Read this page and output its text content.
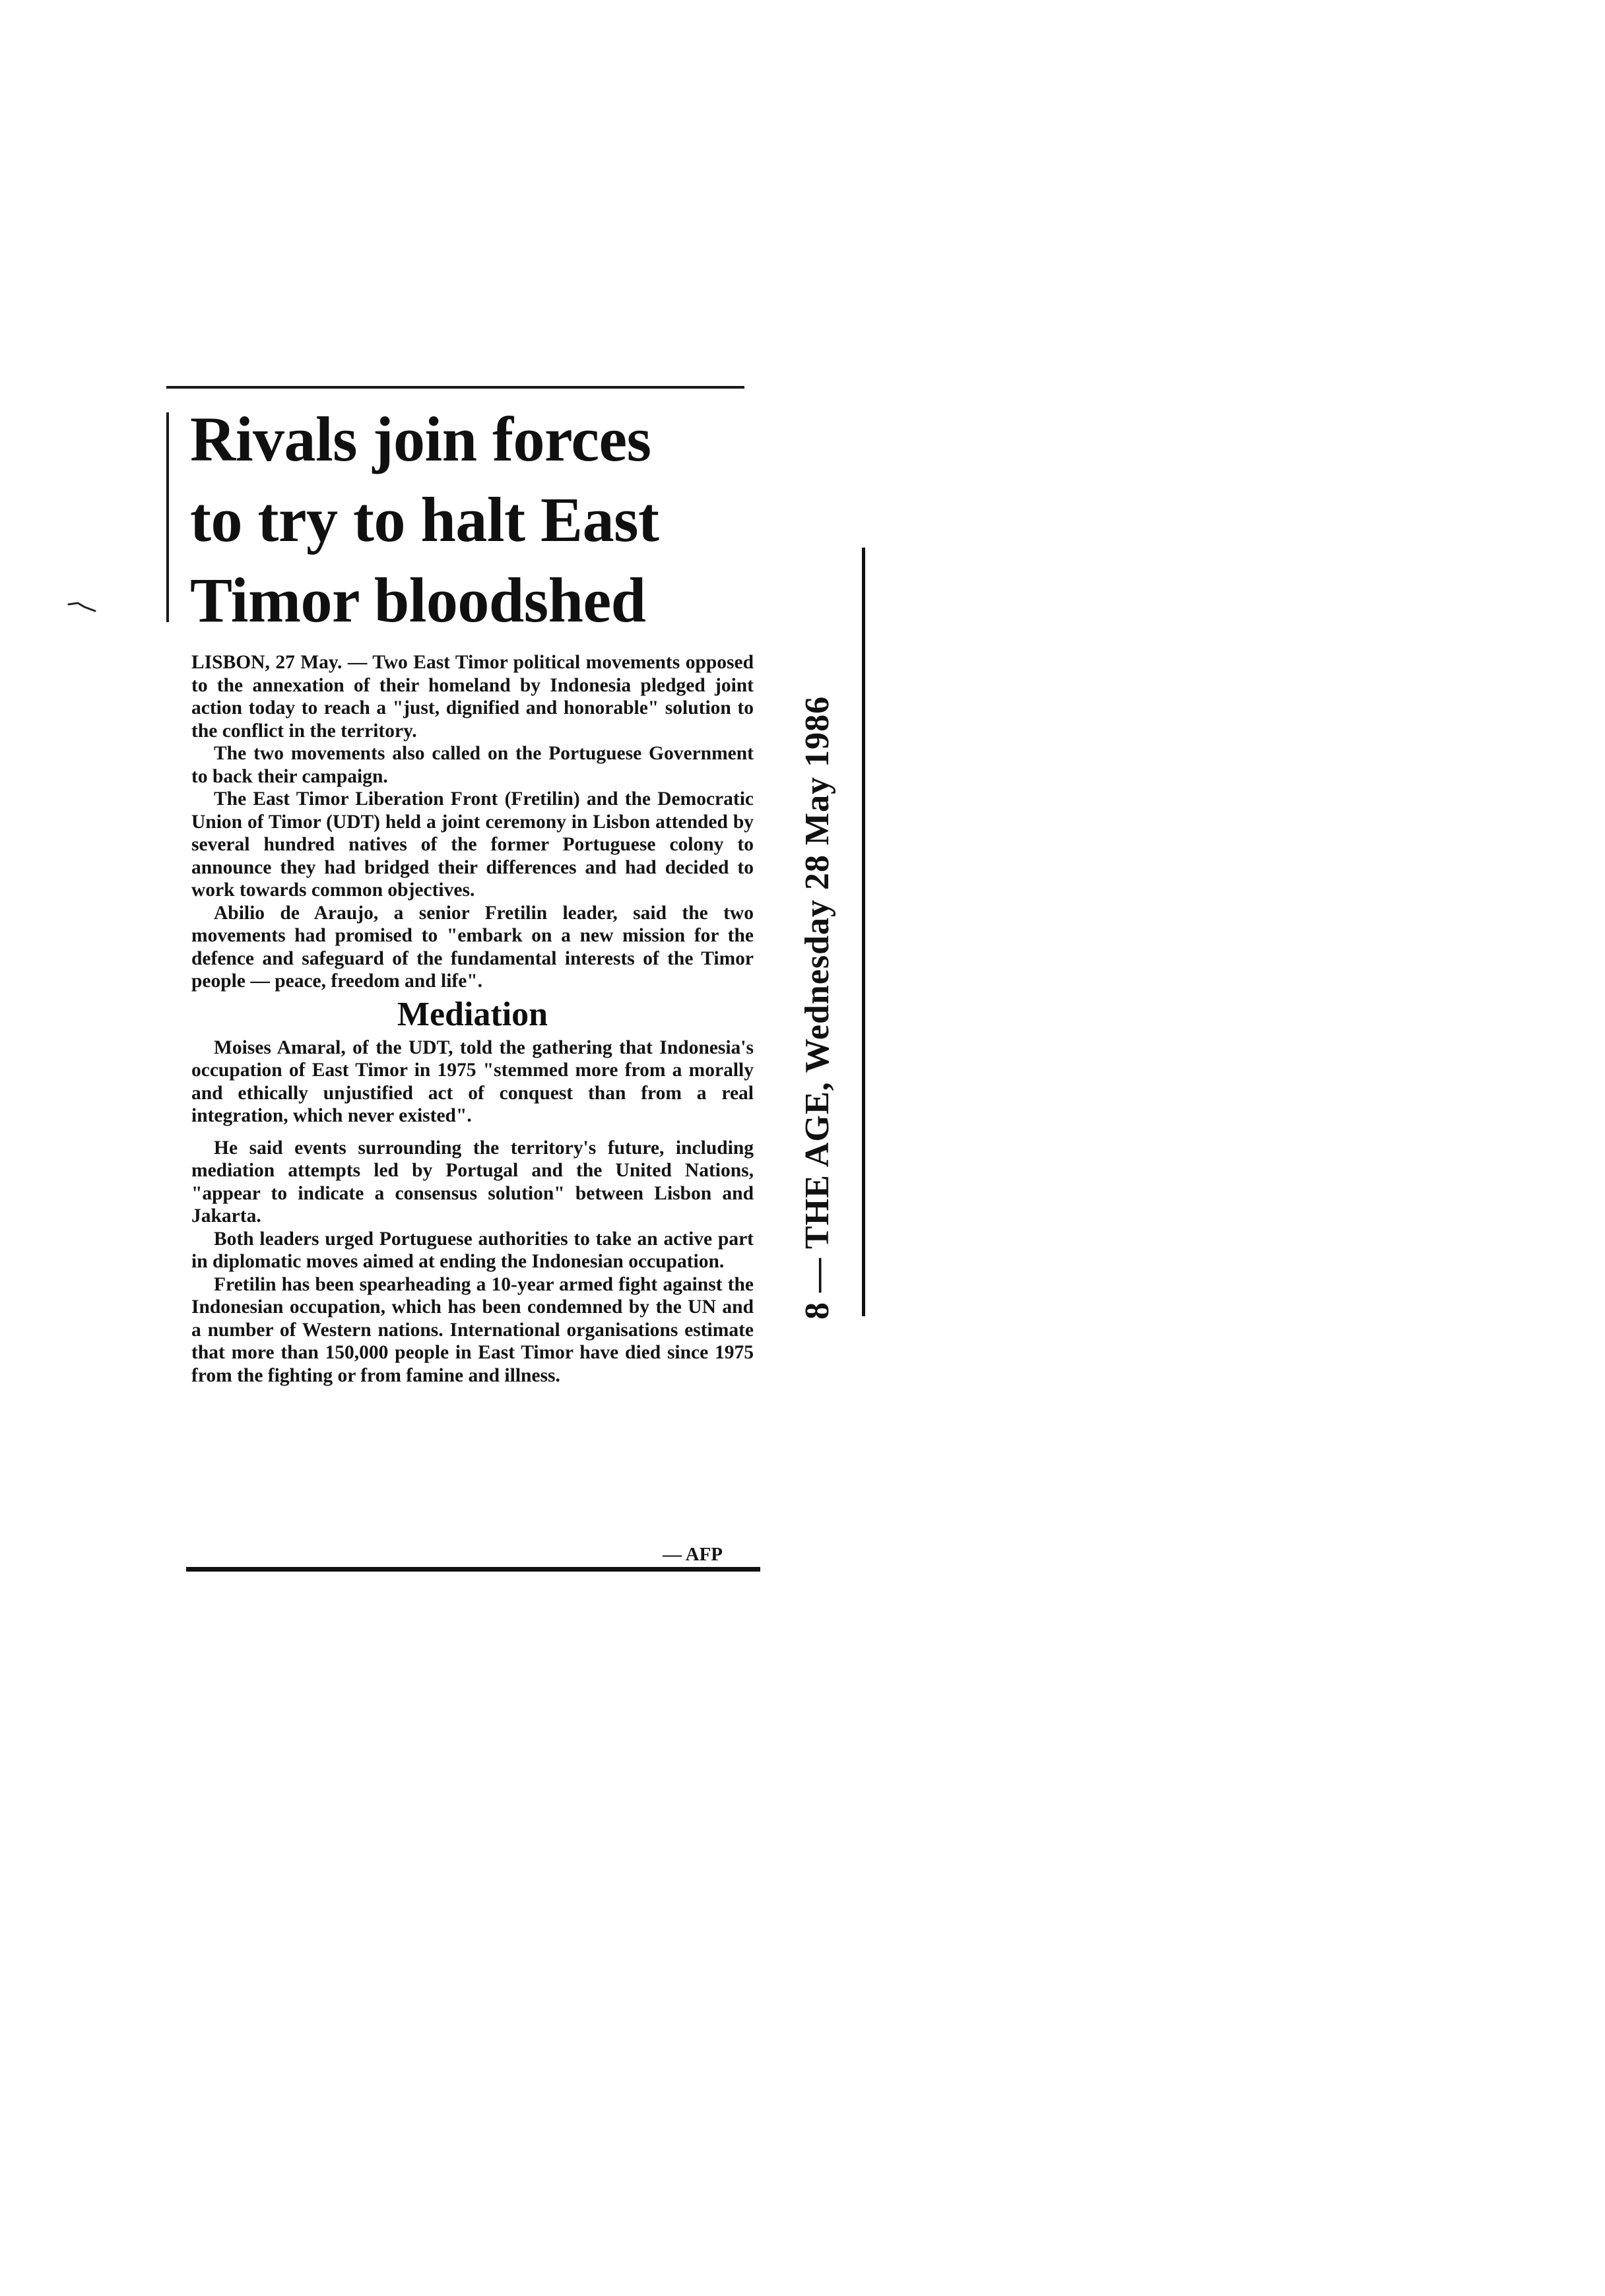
Rivals join forces
to try to halt East
Timor bloodshed

LISBON, 27 May. — Two East Timor political movements opposed to the annexation of their homeland by Indonesia pledged joint action today to reach a "just, dignified and honorable" solution to the conflict in the territory.

The two movements also called on the Portuguese Government to back their campaign.

The East Timor Liberation Front (Fretilin) and the Democratic Union of Timor (UDT) held a joint ceremony in Lisbon attended by several hundred natives of the former Portuguese colony to announce they had bridged their differences and had decided to work towards common objectives.

Abilio de Araujo, a senior Fretilin leader, said the two movements had promised to "embark on a new mission for the defence and safeguard of the fundamental interests of the Timor people — peace, freedom and life".

Mediation

Moises Amaral, of the UDT, told the gathering that Indonesia's occupation of East Timor in 1975 "stemmed more from a morally and ethically unjustified act of conquest than from a real integration, which never existed".

He said events surrounding the territory's future, including mediation attempts led by Portugal and the United Nations, "appear to indicate a consensus solution" between Lisbon and Jakarta.

Both leaders urged Portuguese authorities to take an active part in diplomatic moves aimed at ending the Indonesian occupation.

Fretilin has been spearheading a 10-year armed fight against the Indonesian occupation, which has been condemned by the UN and a number of Western nations. International organisations estimate that more than 150,000 people in East Timor have died since 1975 from the fighting or from famine and illness.

— AFP
8 — THE AGE, Wednesday 28 May 1986
